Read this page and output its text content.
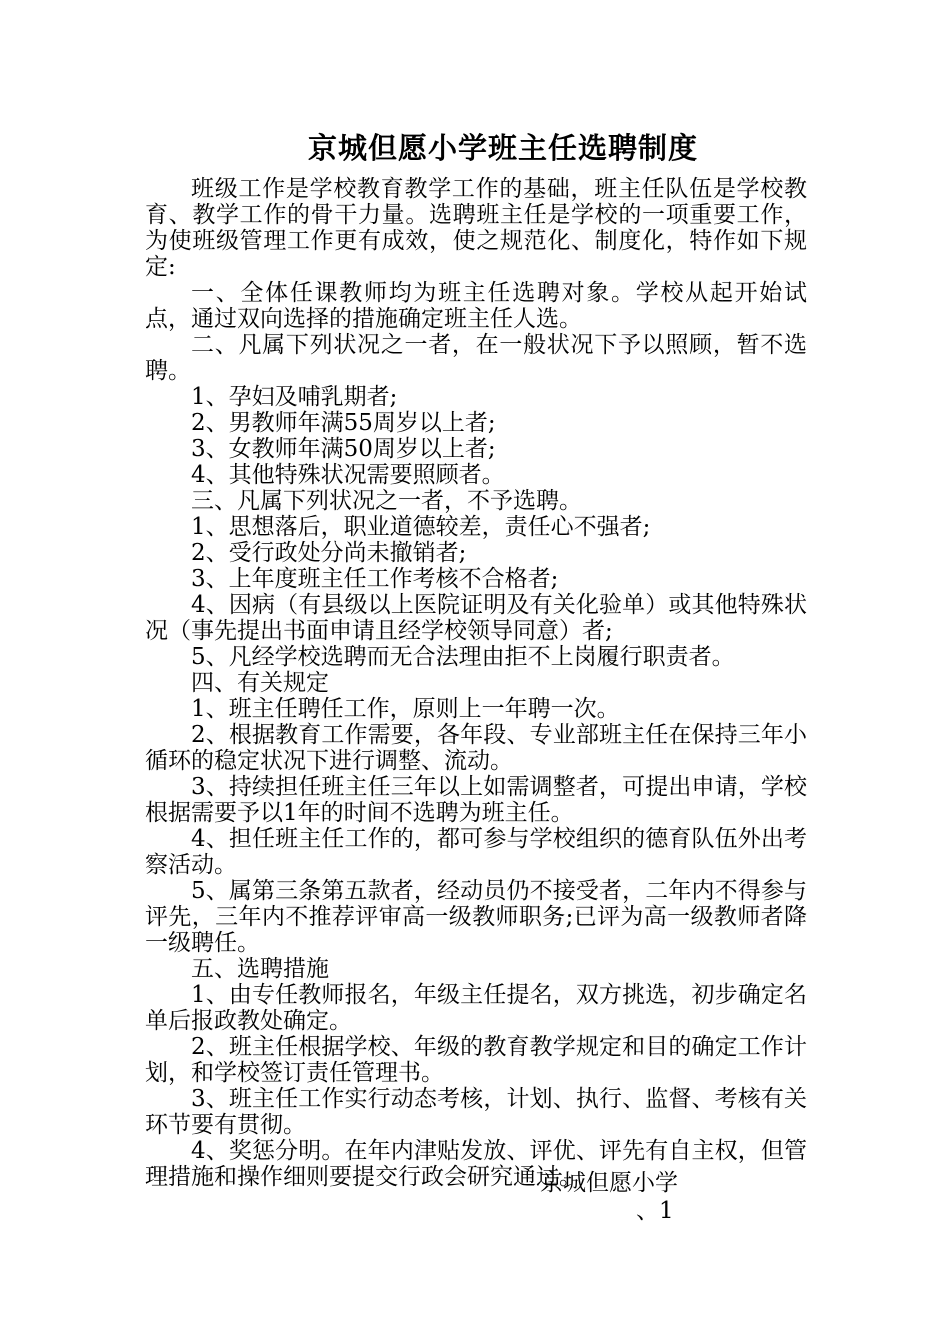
京城但愿小学班主任选聘制度

班级工作是学校教育教学工作的基础，班主任队伍是学校教育、教学工作的骨干力量。选聘班主任是学校的一项重要工作，为使班级管理工作更有成效，使之规范化、制度化，特作如下规定:

一、全体任课教师均为班主任选聘对象。学校从起开始试点，通过双向选择的措施确定班主任人选。

二、凡属下列状况之一者，在一般状况下予以照顾，暂不选聘。

1、孕妇及哺乳期者;

2、男教师年满55周岁以上者;

3、女教师年满50周岁以上者;

4、其他特殊状况需要照顾者。

三、凡属下列状况之一者，不予选聘。

1、思想落后，职业道德较差，责任心不强者;

2、受行政处分尚未撤销者;

3、上年度班主任工作考核不合格者;

4、因病（有县级以上医院证明及有关化验单）或其他特殊状况（事先提出书面申请且经学校领导同意）者;

5、凡经学校选聘而无合法理由拒不上岗履行职责者。

四、有关规定

1、班主任聘任工作，原则上一年聘一次。

2、根据教育工作需要，各年段、专业部班主任在保持三年小循环的稳定状况下进行调整、流动。

3、持续担任班主任三年以上如需调整者，可提出申请，学校根据需要予以1年的时间不选聘为班主任。

4、担任班主任工作的，都可参与学校组织的德育队伍外出考察活动。

5、属第三条第五款者，经动员仍不接受者，二年内不得参与评先，三年内不推荐评审高一级教师职务;已评为高一级教师者降一级聘任。

五、选聘措施

1、由专任教师报名，年级主任提名，双方挑选，初步确定名单后报政教处确定。

2、班主任根据学校、年级的教育教学规定和目的确定工作计划，和学校签订责任管理书。

3、班主任工作实行动态考核，计划、执行、监督、考核有关环节要有贯彻。

4、奖惩分明。在年内津贴发放、评优、评先有自主权，但管理措施和操作细则要提交行政会研究通过。

京城但愿小学
、1
